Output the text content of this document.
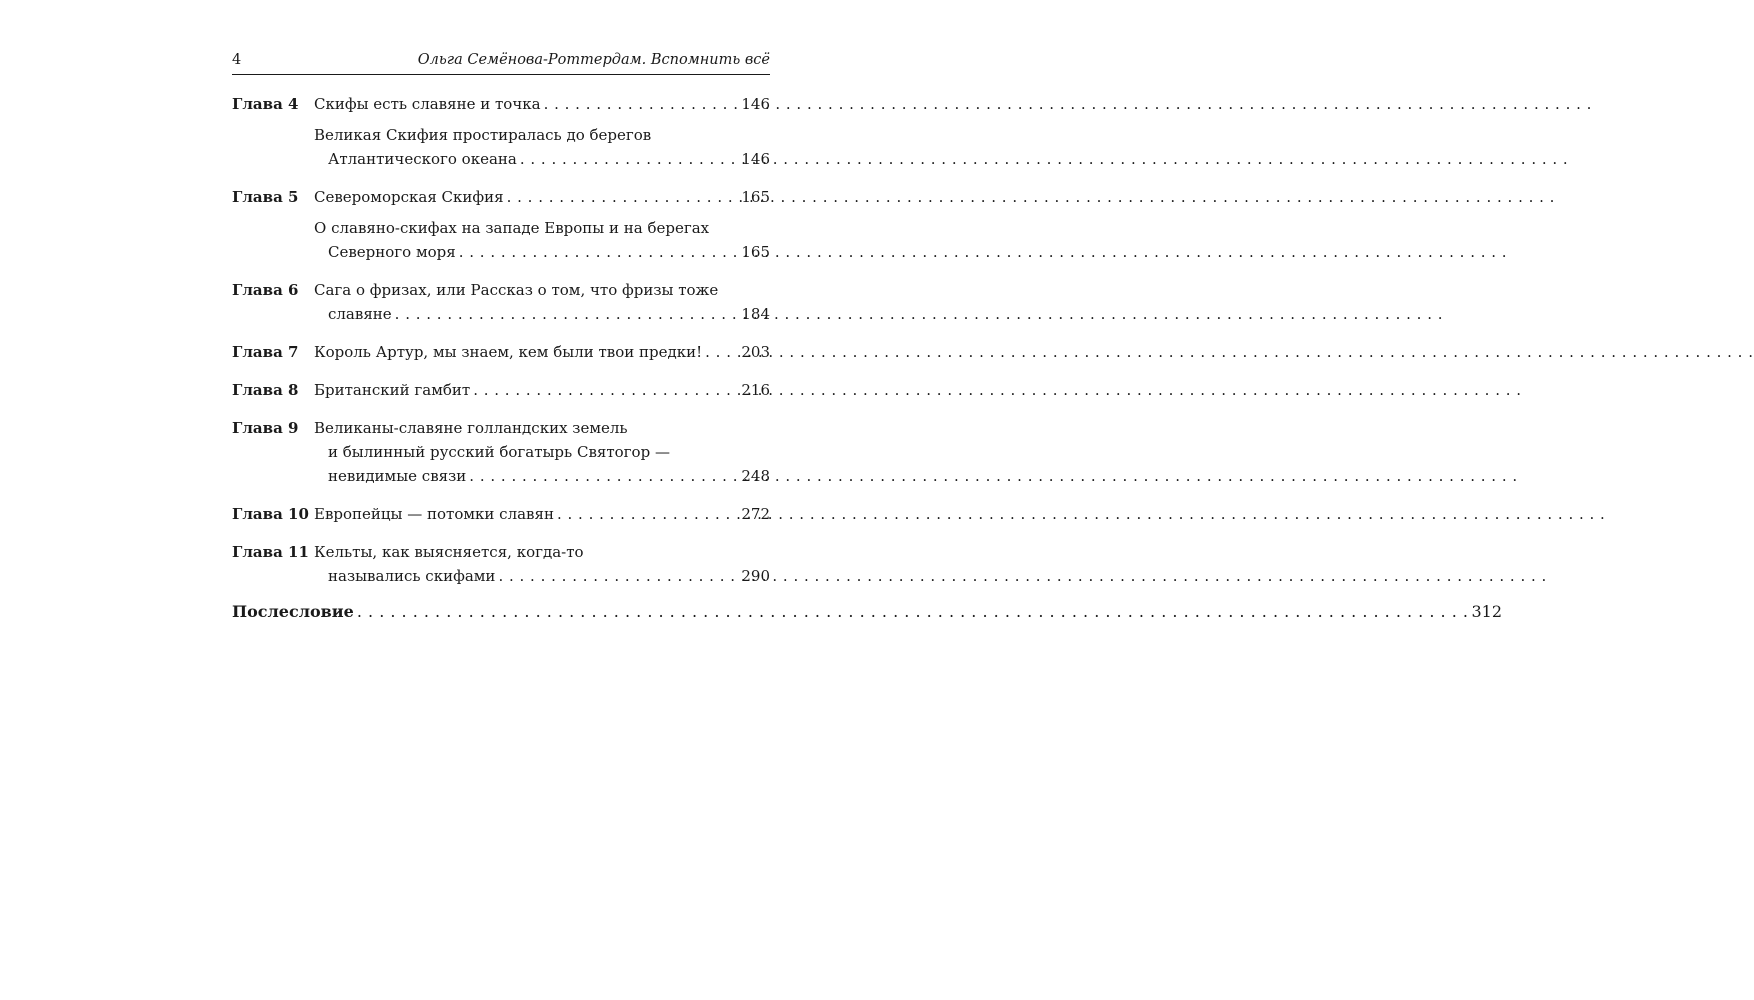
4	Ольга Семёнова-Роттердам. Вспомнить всё
Глава 4	Скифы есть славяне и точка . . .	146
Великая Скифия простиралась до берегов
Атлантического океана . . .	146
Глава 5	Североморская Скифия . . .	165
О славяно-скифах на западе Европы и на берегах
Северного моря . . .	165
Глава 6	Сага о фризах, или Рассказ о том, что фризы тоже
славяне . . .	184
Глава 7	Король Артур, мы знаем, кем были твои предки! . . .	203
Глава 8	Британский гамбит . . .	216
Глава 9	Великаны-славяне голландских земель
и былинный русский богатырь Святогор —
невидимые связи . . .	248
Глава 10 Европейцы — потомки славян . . .	272
Глава 11 Кельты, как выясняется, когда-то
назывались скифами . . .	290
Послесловие . . .	312
